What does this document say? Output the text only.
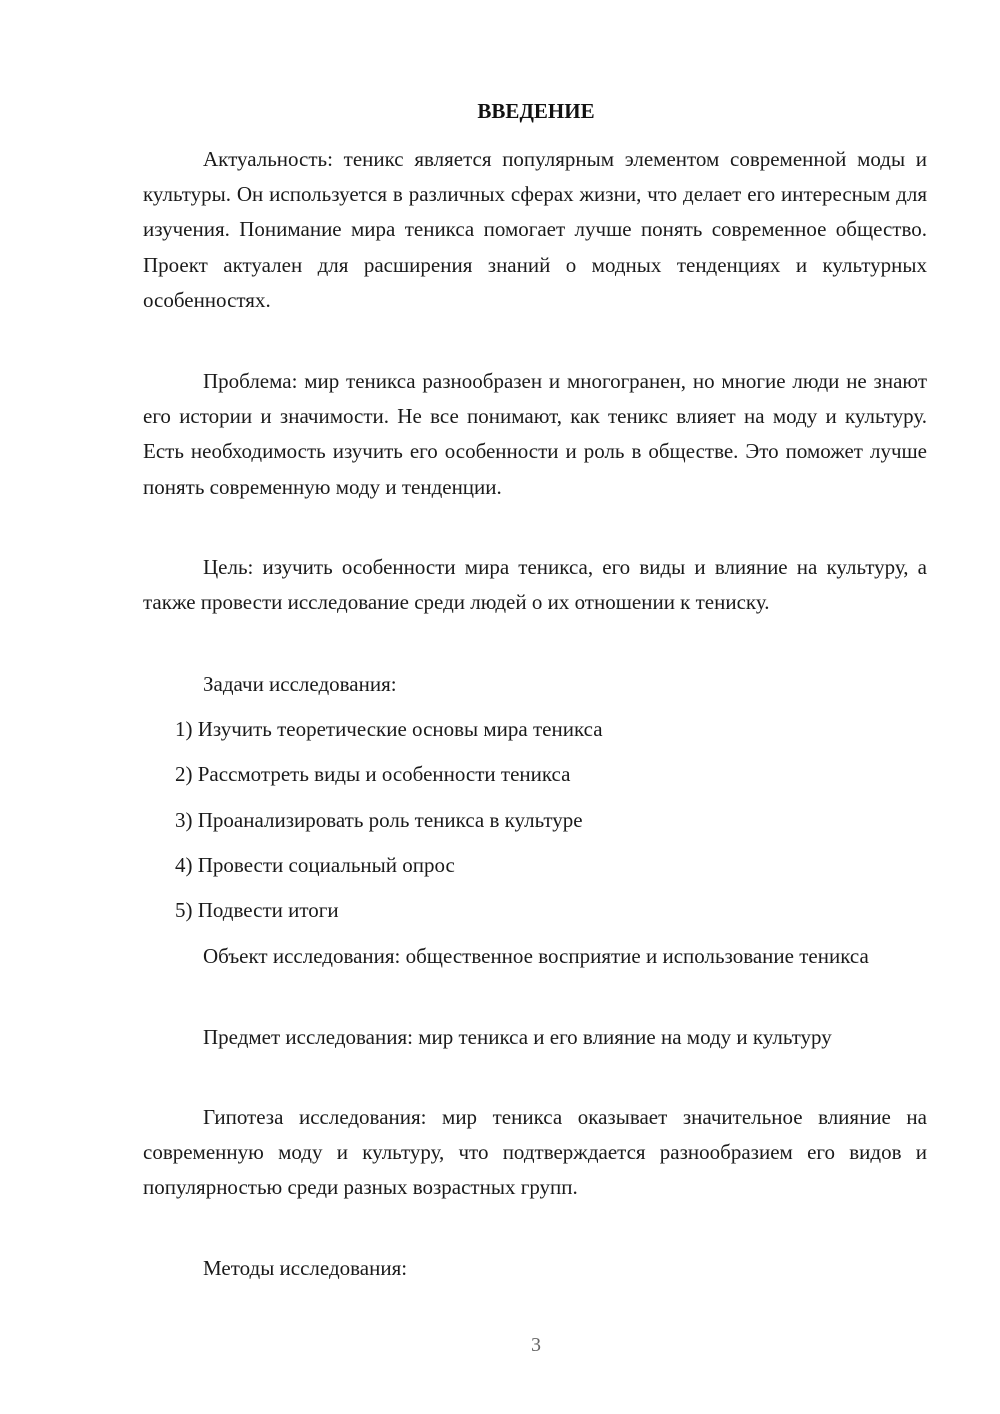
ВВЕДЕНИЕ

Актуальность: теникс является популярным элементом современной моды и культуры. Он используется в различных сферах жизни, что делает его интересным для изучения. Понимание мира теникса помогает лучше понять современное общество. Проект актуален для расширения знаний о модных тенденциях и культурных особенностях.

Проблема: мир теникса разнообразен и многогранен, но многие люди не знают его истории и значимости. Не все понимают, как теникс влияет на моду и культуру. Есть необходимость изучить его особенности и роль в обществе. Это поможет лучше понять современную моду и тенденции.

Цель: изучить особенности мира теникса, его виды и влияние на культуру, а также провести исследование среди людей о их отношении к тениску.

Задачи исследования:

1) Изучить теоретические основы мира теникса

2) Рассмотреть виды и особенности теникса

3) Проанализировать роль теникса в культуре

4) Провести социальный опрос

5) Подвести итоги

Объект исследования: общественное восприятие и использование теникса

Предмет исследования: мир теникса и его влияние на моду и культуру

Гипотеза исследования: мир теникса оказывает значительное влияние на современную моду и культуру, что подтверждается разнообразием его видов и популярностью среди разных возрастных групп.

Методы исследования:

3
